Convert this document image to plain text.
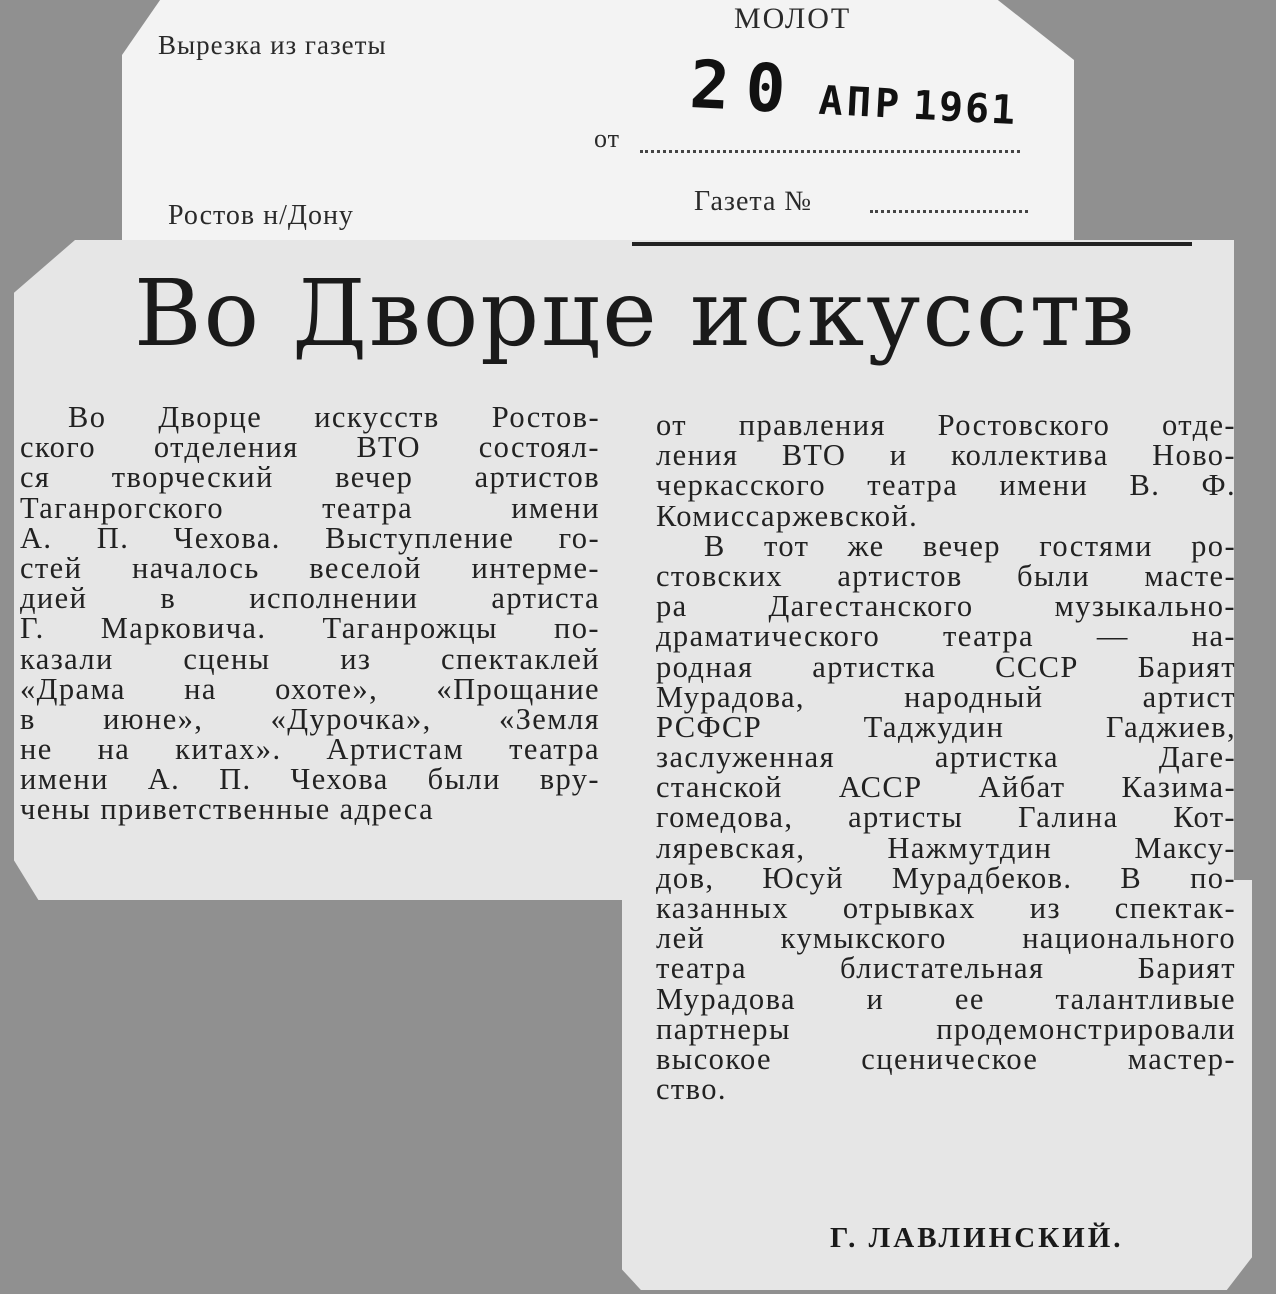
Вырезка из газеты
МОЛОТ
от
Ростов н/Дону	Газета №
20 АПР 1961
Во Дворце искусств
Во Дворце искусств Ростов-
ского отделения ВТО состоял-
ся творческий вечер артистов
Таганрогского театра имени
А. П. Чехова. Выступление го-
стей началось веселой интерме-
дией в исполнении артиста
Г. Марковича. Таганрожцы по-
казали сцены из спектаклей
«Драма на охоте», «Прощание
в июне», «Дурочка», «Земля
не на китах». Артистам театра
имени А. П. Чехова были вру-
чены приветственные адреса
от правления Ростовского отде-
ления ВТО и коллектива Ново-
черкасского театра имени В. Ф.
Комиссаржевской.
В тот же вечер гостями ро-
стовских артистов были масте-
ра Дагестанского музыкально-
драматического театра — на-
родная артистка СССР Барият
Мурадова, народный артист
РСФСР Таджудин Гаджиев,
заслуженная артистка Даге-
станской АССР Айбат Казима-
гомедова, артисты Галина Кот-
ляревская, Нажмутдин Максу-
дов, Юсуй Мурадбеков. В по-
казанных отрывках из спектак-
лей кумыкского национального
театра блистательная Барият
Мурадова и ее талантливые
партнеры продемонстрировали
высокое сценическое мастер-
ство.
Г. ЛАВЛИНСКИЙ.
